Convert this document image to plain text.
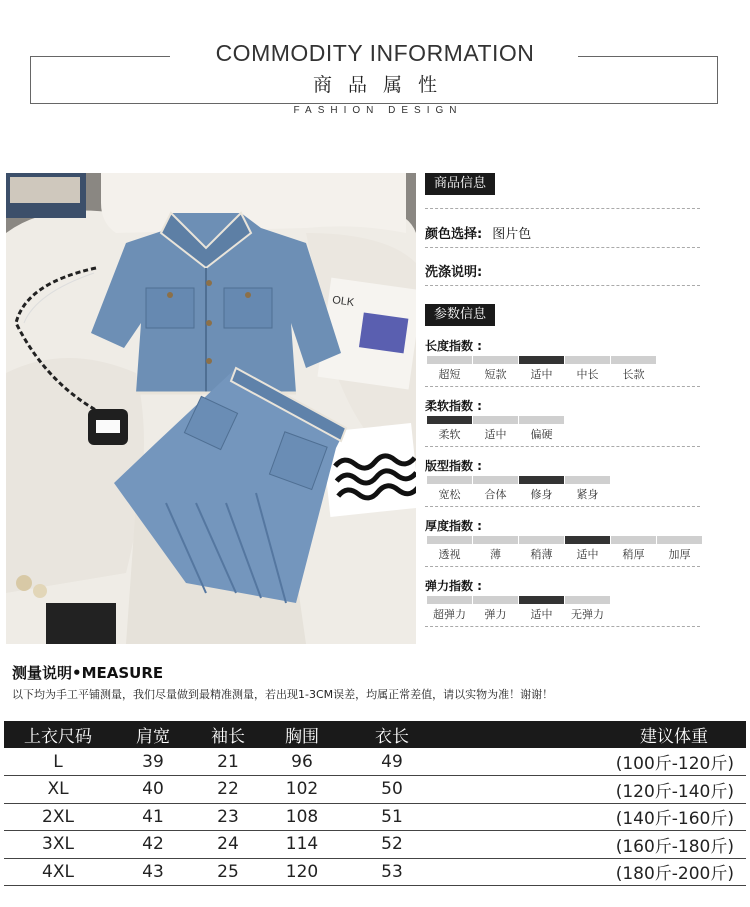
COMMODITY INFORMATION
商品属性
FASHION DESIGN
OLK
商品信息
颜色选择: 图片色
洗涤说明:
参数信息
长度指数 :
超短	短款	适中	中长	长款
柔软指数 :
柔软	适中	偏硬
版型指数 :
宽松	合体	修身	紧身
厚度指数 :
透视	薄	稍薄	适中	稍厚	加厚
弹力指数 :
超弹力	弹力	适中	无弹力
测量说明•MEASURE
以下均为手工平铺测量，我们尽量做到最精准测量，若出现1-3CM误差，均属正常差值，请以实物为准！谢谢！
上衣尺码	肩宽	袖长	胸围	衣长	建议体重
L	39	21	96	49	(100斤-120斤)
XL	40	22	102	50	(120斤-140斤)
2XL	41	23	108	51	(140斤-160斤)
3XL	42	24	114	52	(160斤-180斤)
4XL	43	25	120	53	(180斤-200斤)
